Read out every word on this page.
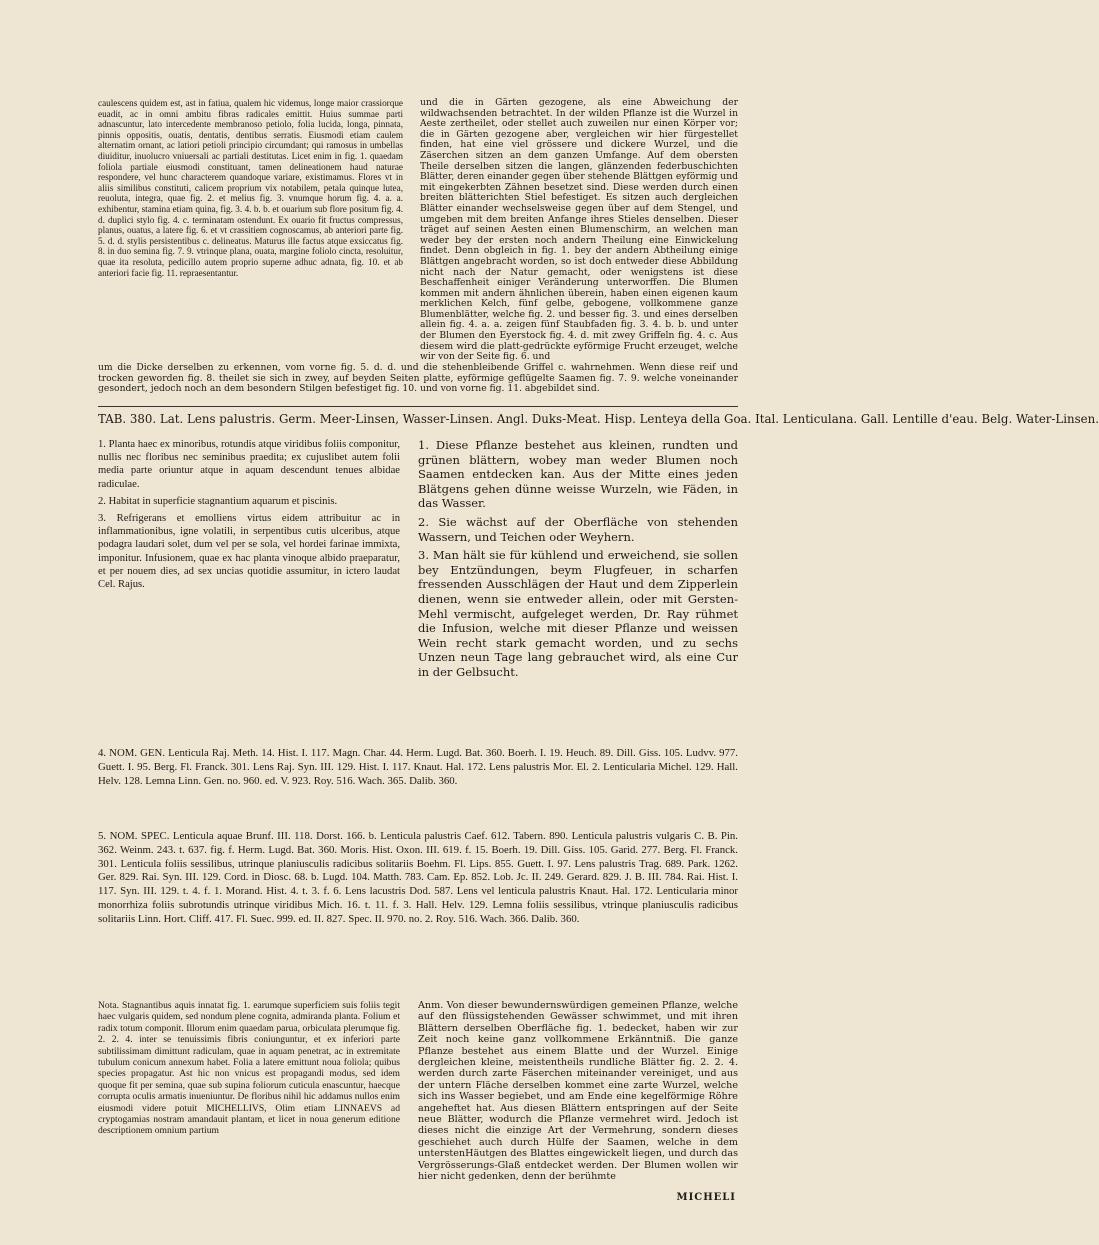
caulescens quidem est, ast in fatiua, qualem hic videmus, longe maior crassiorque euadit, ac in omni ambitu fibras radicales emittit. Huius summae parti adnascuntur, lato intercedente membranoso petiolo, folia lucida, longa, pinnata, pinnis oppositis, ouatis, dentatis, dentibus serratis. Eiusmodi etiam caulem alternatim ornant, ac latiori petioli principio circumdant; qui ramosus in umbellas diuiditur, inuolucro vniuersali ac partiali destitutas. Licet enim in fig. 1. quaedam foliola partiale eiusmodi constituant, tamen delineationem haud naturae respondere, vel hunc characterem quandoque variare, existimamus. Flores vt in aliis similibus constituti, calicem proprium vix notabilem, petala quinque lutea, reuoluta, integra, quae fig. 2. et melius fig. 3. vnumque horum fig. 4. a. a. exhibentur, stamina etiam quina, fig. 3. 4. b. b. et ouarium sub flore positum fig. 4. d. duplici stylo fig. 4. c. terminatam ostendunt. Ex ouario fit fructus compressus, planus, ouatus, a latere fig. 6. et vt crassitiem cognoscamus, ab anteriori parte fig. 5. d. d. stylis persistentibus c. delineatus. Maturus ille factus atque exsiccatus fig. 8. in duo semina fig. 7. 9. vtrinque plana, ouata, margine foliolo cincta, resoluitur, quae ita resoluta, pedicillo autem proprio superne adhuc adnata, fig. 10. et ab anteriori facie fig. 11. repraesentantur.

und die in Gärten gezogene, als eine Abweichung der wildwachsenden betrachtet. In der wilden Pflanze ist die Wurzel in Aeste zertheilet, oder stellet auch zuweilen nur einen Körper vor; die in Gärten gezogene aber, vergleichen wir hier fürgestellet finden, hat eine viel grössere und dickere Wurzel, und die Zäserchen sitzen an dem ganzen Umfange. Auf dem obersten Theile derselben sitzen die langen, glänzenden federbuschichten Blätter, deren einander gegen über stehende Blättgen eyförmig und mit eingekerbten Zähnen besetzet sind. Diese werden durch einen breiten blätterichten Stiel befestiget. Es sitzen auch dergleichen Blätter einander wechselsweise gegen über auf dem Stengel, und umgeben mit dem breiten Anfange ihres Stieles denselben. Dieser träget auf seinen Aesten einen Blumenschirm, an welchen man weder bey der ersten noch andern Theilung eine Einwickelung findet. Denn obgleich in fig. 1. bey der andern Abtheilung einige Blättgen angebracht worden, so ist doch entweder diese Abbildung nicht nach der Natur gemacht, oder wenigstens ist diese Beschaffenheit einiger Veränderung unterworffen. Die Blumen kommen mit andern ähnlichen überein, haben einen eigenen kaum merklichen Kelch, fünf gelbe, gebogene, vollkommene ganze Blumenblätter, welche fig. 2. und besser fig. 3. und eines derselben allein fig. 4. a. a. zeigen fünf Staubfaden fig. 3. 4. b. b. und unter der Blumen den Eyerstock fig. 4. d. mit zwey Griffeln fig. 4. c. Aus diesem wird die platt-gedrückte eyförmige Frucht erzeuget, welche wir von der Seite fig. 6. und

um die Dicke derselben zu erkennen, vom vorne fig. 5. d. d. und die stehenbleibende Griffel c. wahrnehmen. Wenn diese reif und trocken geworden fig. 8. theilet sie sich in zwey, auf beyden Seiten platte, eyförmige geflügelte Saamen fig. 7. 9. welche voneinander gesondert, jedoch noch an dem besondern Stilgen befestiget fig. 10. und von vorne fig. 11. abgebildet sind.

TAB. 380. Lat. Lens palustris. Germ. Meer-Linsen, Wasser-Linsen. Angl. Duks-Meat. Hisp. Lenteya della Goa. Ital. Lenticulana. Gall. Lentille d'eau. Belg. Water-Linsen.

1. Planta haec ex minoribus, rotundis atque viridibus foliis componitur, nullis nec floribus nec seminibus praedita; ex cujuslibet autem folii media parte oriuntur atque in aquam descendunt tenues albidae radiculae.

2. Habitat in superficie stagnantium aquarum et piscinis.

3. Refrigerans et emolliens virtus eidem attribuitur ac in inflammationibus, igne volatili, in serpentibus cutis ulceribus, atque podagra laudari solet, dum vel per se sola, vel hordei farinae immixta, imponitur. Infusionem, quae ex hac planta vinoque albido praeparatur, et per nouem dies, ad sex uncias quotidie assumitur, in ictero laudat Cel. Rajus.

1. Diese Pflanze bestehet aus kleinen, rundten und grünen blättern, wobey man weder Blumen noch Saamen entdecken kan. Aus der Mitte eines jeden Blätgens gehen dünne weisse Wurzeln, wie Fäden, in das Wasser.

2. Sie wächst auf der Oberfläche von stehenden Wassern, und Teichen oder Weyhern.

3. Man hält sie für kühlend und erweichend, sie sollen bey Entzündungen, beym Flugfeuer, in scharfen fressenden Ausschlägen der Haut und dem Zipperlein dienen, wenn sie entweder allein, oder mit Gersten-Mehl vermischt, aufgeleget werden, Dr. Ray rühmet die Infusion, welche mit dieser Pflanze und weissen Wein recht stark gemacht worden, und zu sechs Unzen neun Tage lang gebrauchet wird, als eine Cur in der Gelbsucht.

4. NOM. GEN. Lenticula Raj. Meth. 14. Hist. I. 117. Magn. Char. 44. Herm. Lugd. Bat. 360. Boerh. I. 19. Heuch. 89. Dill. Giss. 105. Ludvv. 977. Guett. I. 95. Berg. Fl. Franck. 301. Lens Raj. Syn. III. 129. Hist. I. 117. Knaut. Hal. 172. Lens palustris Mor. El. 2. Lenticularia Michel. 129. Hall. Helv. 128. Lemna Linn. Gen. no. 960. ed. V. 923. Roy. 516. Wach. 365. Dalib. 360.

5. NOM. SPEC. Lenticula aquae Brunf. III. 118. Dorst. 166. b. Lenticula palustris Caef. 612. Tabern. 890. Lenticula palustris vulgaris C. B. Pin. 362. Weinm. 243. t. 637. fig. f. Herm. Lugd. Bat. 360. Moris. Hist. Oxon. III. 619. f. 15. Boerh. 19. Dill. Giss. 105. Garid. 277. Berg. Fl. Franck. 301. Lenticula foliis sessilibus, utrinque planiusculis radicibus solitariis Boehm. Fl. Lips. 855. Guett. I. 97. Lens palustris Trag. 689. Park. 1262. Ger. 829. Rai. Syn. III. 129. Cord. in Diosc. 68. b. Lugd. 104. Matth. 783. Cam. Ep. 852. Lob. Jc. II. 249. Gerard. 829. J. B. III. 784. Rai. Hist. I. 117. Syn. III. 129. t. 4. f. 1. Morand. Hist. 4. t. 3. f. 6. Lens lacustris Dod. 587. Lens vel lenticula palustris Knaut. Hal. 172. Lenticularia minor monorrhiza foliis subrotundis utrinque viridibus Mich. 16. t. 11. f. 3. Hall. Helv. 129. Lemna foliis sessilibus, vtrinque planiusculis radicibus solitariis Linn. Hort. Cliff. 417. Fl. Suec. 999. ed. II. 827. Spec. II. 970. no. 2. Roy. 516. Wach. 366. Dalib. 360.

Nota. Stagnantibus aquis innatat fig. 1. earumque superficiem suis foliis tegit haec vulgaris quidem, sed nondum plene cognita, admiranda planta. Folium et radix totum componit. Illorum enim quaedam parua, orbiculata plerumque fig. 2. 2. 4. inter se tenuissimis fibris coniunguntur, et ex inferiori parte subtilissimam dimittunt radiculam, quae in aquam penetrat, ac in extremitate tubulum conicum annexum habet. Folia a latere emittunt noua foliola; quibus species propagatur. Ast hic non vnicus est propagandi modus, sed idem quoque fit per semina, quae sub supina foliorum cuticula enascuntur, haecque corrupta oculis armatis inueniuntur. De floribus nihil hic addamus nullos enim eiusmodi videre potuit MICHELLIVS, Olim etiam LINNAEVS ad cryptogamias nostram amandauit plantam, et licet in noua generum editione descriptionem omnium partium

Anm. Von dieser bewundernswürdigen gemeinen Pflanze, welche auf den flüssigstehenden Gewässer schwimmet, und mit ihren Blättern derselben Oberfläche fig. 1. bedecket, haben wir zur Zeit noch keine ganz vollkommene Erkänntniß. Die ganze Pflanze bestehet aus einem Blatte und der Wurzel. Einige dergleichen kleine, meistentheils rundliche Blätter fig. 2. 2. 4. werden durch zarte Fäserchen miteinander vereiniget, und aus der untern Fläche derselben kommet eine zarte Wurzel, welche sich ins Wasser begiebet, und am Ende eine kegelförmige Röhre angeheftet hat. Aus diesen Blättern entspringen auf der Seite neue Blätter, wodurch die Pflanze vermehret wird. Jedoch ist dieses nicht die einzige Art der Vermehrung, sondern dieses geschiehet auch durch Hülfe der Saamen, welche in dem unterstenHäutgen des Blattes eingewickelt liegen, und durch das Vergrösserungs-Glaß entdecket werden. Der Blumen wollen wir hier nicht gedenken, denn der berühmte

MICHELI
